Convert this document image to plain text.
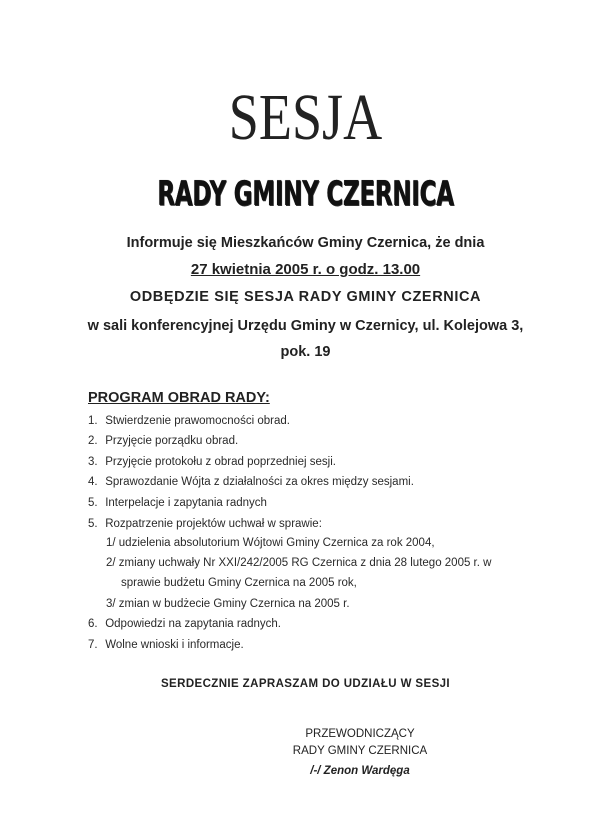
SESJA
RADY GMINY CZERNICA
Informuje się Mieszkańców Gminy Czernica, że dnia
27 kwietnia 2005 r. o godz. 13.00
ODBĘDZIE SIĘ SESJA RADY GMINY CZERNICA
w sali konferencyjnej Urzędu Gminy w Czernicy, ul. Kolejowa 3,
pok. 19
PROGRAM OBRAD RADY:
1. Stwierdzenie prawomocności obrad.
2. Przyjęcie porządku obrad.
3. Przyjęcie protokołu z obrad poprzedniej sesji.
4. Sprawozdanie Wójta z działalności za okres między sesjami.
5. Interpelacje i zapytania radnych
5. Rozpatrzenie projektów uchwał w sprawie:
1/ udzielenia absolutorium Wójtowi Gminy Czernica za rok 2004,
2/ zmiany uchwały Nr XXI/242/2005 RG Czernica z dnia 28 lutego 2005 r. w
sprawie budżetu Gminy Czernica na 2005 rok,
3/ zmian w budżecie Gminy Czernica na 2005 r.
6. Odpowiedzi na zapytania radnych.
7. Wolne wnioski i informacje.
SERDECZNIE ZAPRASZAM DO UDZIAŁU W SESJI
PRZEWODNICZĄCY
RADY GMINY CZERNICA
/-/ Zenon Wardęga
